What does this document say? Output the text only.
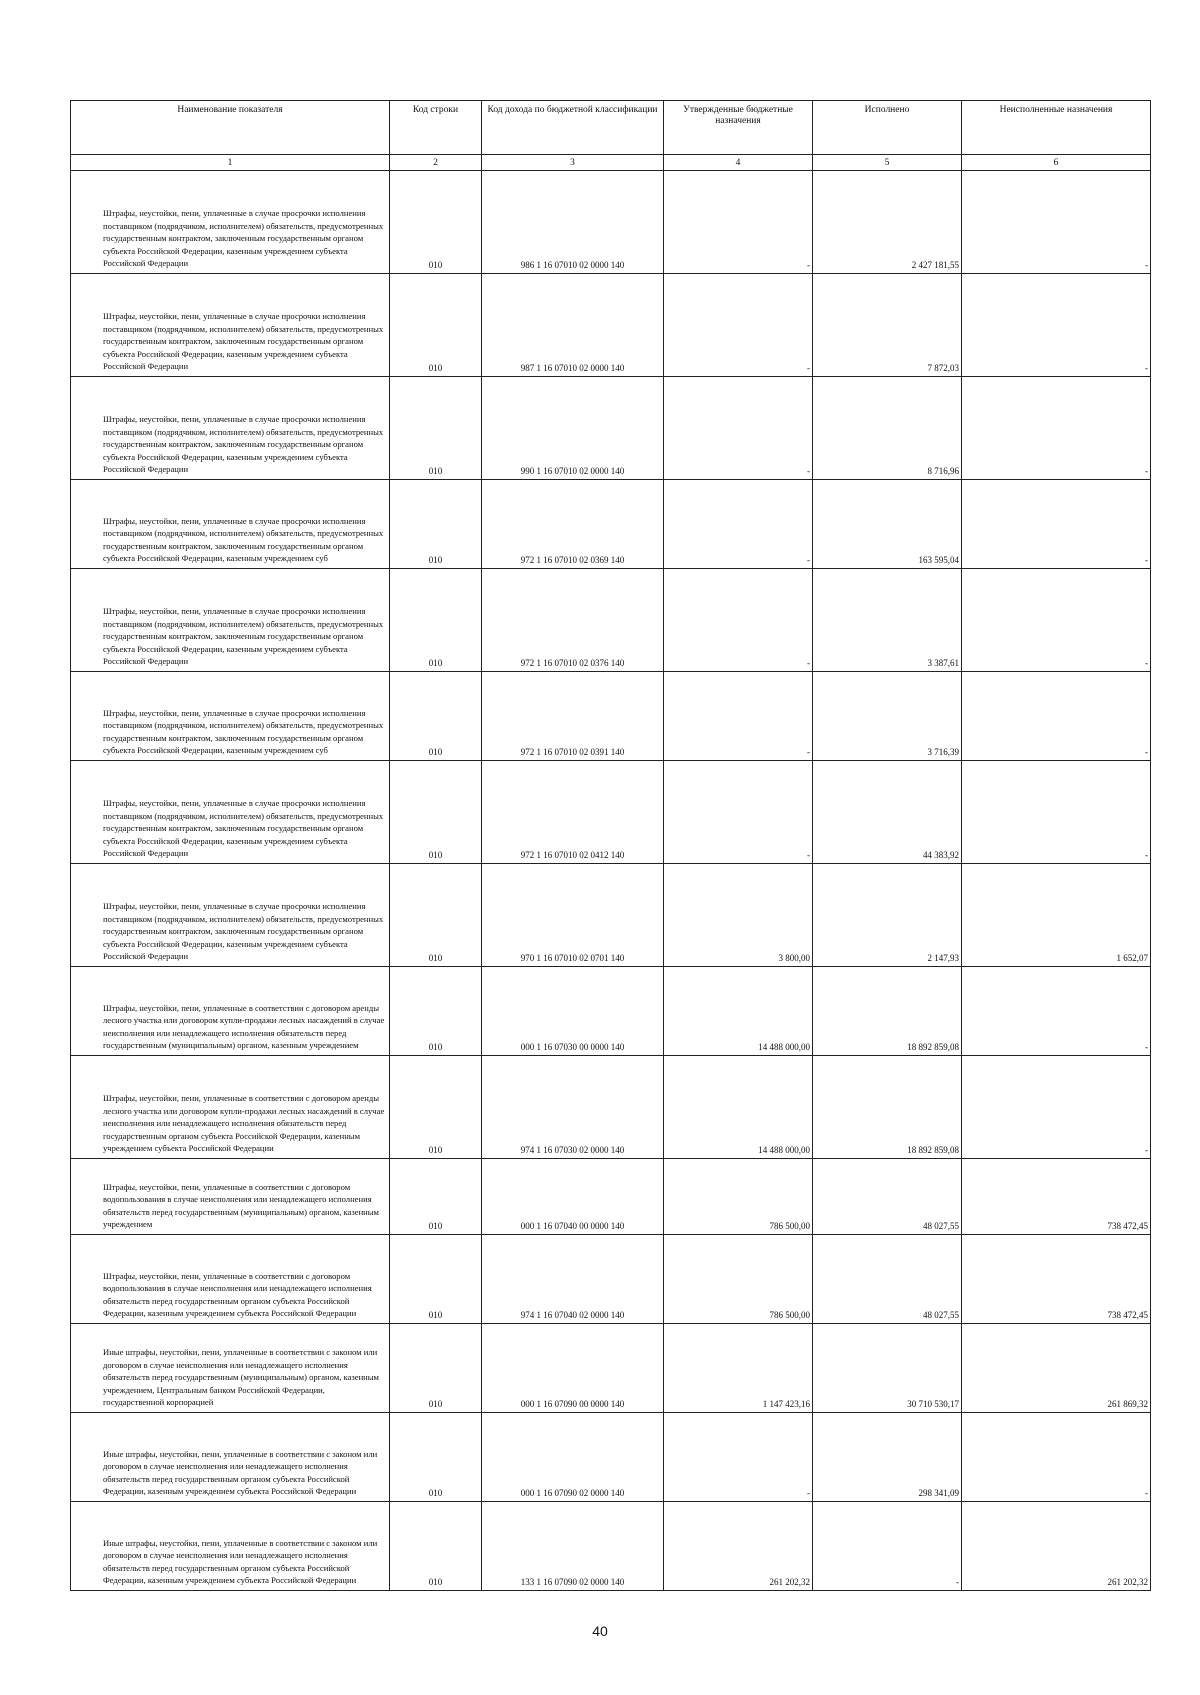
Наименование показателя	Код строки	Код дохода по бюджетной классификации	Утвержденные бюджетные назначения	Исполнено	Неисполненные назначения
1	2	3	4	5	6
Штрафы, неустойки, пени, уплаченные в случае просрочки исполнения поставщиком (подрядчиком, исполнителем) обязательств, предусмотренных государственным контрактом, заключенным государственным органом субъекта Российской Федерации, казенным учреждением субъекта Российской Федерации	010	986 1 16 07010 02 0000 140	-	2 427 181,55	-
Штрафы, неустойки, пени, уплаченные в случае просрочки исполнения поставщиком (подрядчиком, исполнителем) обязательств, предусмотренных государственным контрактом, заключенным государственным органом субъекта Российской Федерации, казенным учреждением субъекта Российской Федерации	010	987 1 16 07010 02 0000 140	-	7 872,03	-
Штрафы, неустойки, пени, уплаченные в случае просрочки исполнения поставщиком (подрядчиком, исполнителем) обязательств, предусмотренных государственным контрактом, заключенным государственным органом субъекта Российской Федерации, казенным учреждением субъекта Российской Федерации	010	990 1 16 07010 02 0000 140	-	8 716,96	-
Штрафы, неустойки, пени, уплаченные в случае просрочки исполнения поставщиком (подрядчиком, исполнителем) обязательств, предусмотренных государственным контрактом, заключенным государственным органом субъекта Российской Федерации, казенным учреждением суб	010	972 1 16 07010 02 0369 140	-	163 595,04	-
Штрафы, неустойки, пени, уплаченные в случае просрочки исполнения поставщиком (подрядчиком, исполнителем) обязательств, предусмотренных государственным контрактом, заключенным государственным органом субъекта Российской Федерации, казенным учреждением субъекта Российской Федерации	010	972 1 16 07010 02 0376 140	-	3 387,61	-
Штрафы, неустойки, пени, уплаченные в случае просрочки исполнения поставщиком (подрядчиком, исполнителем) обязательств, предусмотренных государственным контрактом, заключенным государственным органом субъекта Российской Федерации, казенным учреждением суб	010	972 1 16 07010 02 0391 140	-	3 716,39	-
Штрафы, неустойки, пени, уплаченные в случае просрочки исполнения поставщиком (подрядчиком, исполнителем) обязательств, предусмотренных государственным контрактом, заключенным государственным органом субъекта Российской Федерации, казенным учреждением субъекта Российской Федерации	010	972 1 16 07010 02 0412 140	-	44 383,92	-
Штрафы, неустойки, пени, уплаченные в случае просрочки исполнения поставщиком (подрядчиком, исполнителем) обязательств, предусмотренных государственным контрактом, заключенным государственным органом субъекта Российской Федерации, казенным учреждением субъекта Российской Федерации	010	970 1 16 07010 02 0701 140	3 800,00	2 147,93	1 652,07
Штрафы, неустойки, пени, уплаченные в соответствии с договором аренды лесного участка или договором купли-продажи лесных насаждений в случае неисполнения или ненадлежащего исполнения обязательств перед государственным (муниципальным) органом, казенным учреждением	010	000 1 16 07030 00 0000 140	14 488 000,00	18 892 859,08	-
Штрафы, неустойки, пени, уплаченные в соответствии с договором аренды лесного участка или договором купли-продажи лесных насаждений в случае неисполнения или ненадлежащего исполнения обязательств перед государственным органом субъекта Российской Федерации, казенным учреждением субъекта Российской Федерации	010	974 1 16 07030 02 0000 140	14 488 000,00	18 892 859,08	-
Штрафы, неустойки, пени, уплаченные в соответствии с договором водопользования в случае неисполнения или ненадлежащего исполнения обязательств перед государственным (муниципальным) органом, казенным учреждением	010	000 1 16 07040 00 0000 140	786 500,00	48 027,55	738 472,45
Штрафы, неустойки, пени, уплаченные в соответствии с договором водопользования в случае неисполнения или ненадлежащего исполнения обязательств перед государственным органом субъекта Российской Федерации, казенным учреждением субъекта Российской Федерации	010	974 1 16 07040 02 0000 140	786 500,00	48 027,55	738 472,45
Иные штрафы, неустойки, пени, уплаченные в соответствии с законом или договором в случае неисполнения или ненадлежащего исполнения обязательств перед государственным (муниципальным) органом, казенным учреждением, Центральным банком Российской Федерации, государственной корпорацией	010	000 1 16 07090 00 0000 140	1 147 423,16	30 710 530,17	261 869,32
Иные штрафы, неустойки, пени, уплаченные в соответствии с законом или договором в случае неисполнения или ненадлежащего исполнения обязательств перед государственным органом субъекта Российской Федерации, казенным учреждением субъекта Российской Федерации	010	000 1 16 07090 02 0000 140	-	298 341,09	-
Иные штрафы, неустойки, пени, уплаченные в соответствии с законом или договором в случае неисполнения или ненадлежащего исполнения обязательств перед государственным органом субъекта Российской Федерации, казенным учреждением субъекта Российской Федерации	010	133 1 16 07090 02 0000 140	261 202,32	-	261 202,32
40
